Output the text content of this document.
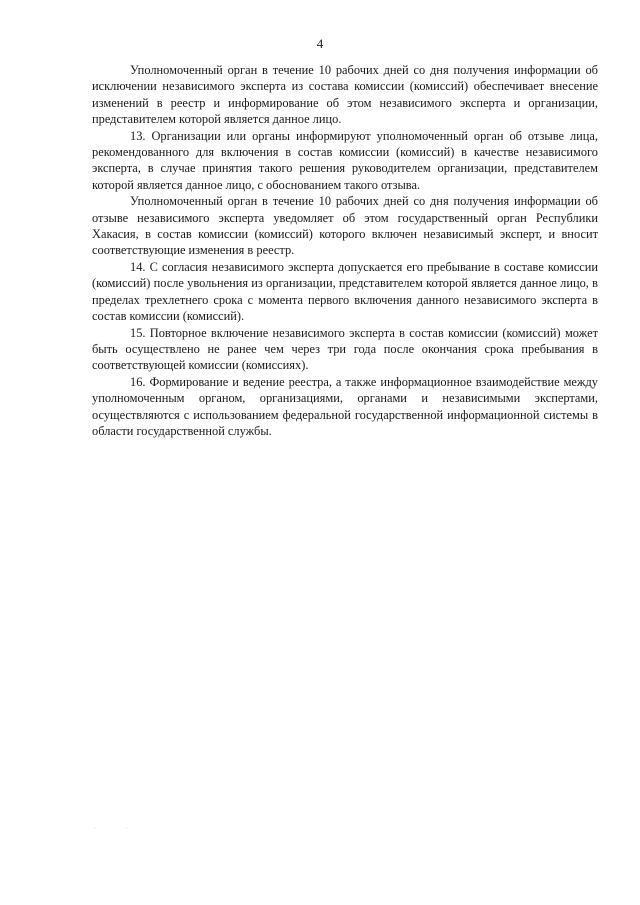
4

Уполномоченный орган в течение 10 рабочих дней со дня получения информации об исключении независимого эксперта из состава комиссии (комиссий) обеспечивает внесение изменений в реестр и информирование об этом независимого эксперта и организации, представителем которой является данное лицо.

13. Организации или органы информируют уполномоченный орган об отзыве лица, рекомендованного для включения в состав комиссии (комиссий) в качестве независимого эксперта, в случае принятия такого решения руководителем организации, представителем которой является данное лицо, с обоснованием такого отзыва.

Уполномоченный орган в течение 10 рабочих дней со дня получения информации об отзыве независимого эксперта уведомляет об этом государственный орган Республики Хакасия, в состав комиссии (комиссий) которого включен независимый эксперт, и вносит соответствующие изменения в реестр.

14. С согласия независимого эксперта допускается его пребывание в составе комиссии (комиссий) после увольнения из организации, представителем которой является данное лицо, в пределах трехлетнего срока с момента первого включения данного независимого эксперта в состав комиссии (комиссий).

15. Повторное включение независимого эксперта в состав комиссии (комиссий) может быть осуществлено не ранее чем через три года после окончания срока пребывания в соответствующей комиссии (комиссиях).

16. Формирование и ведение реестра, а также информационное взаимодействие между уполномоченным органом, организациями, органами и независимыми экспертами, осуществляются с использованием федеральной государственной информационной системы в области государственной службы.

· ·
